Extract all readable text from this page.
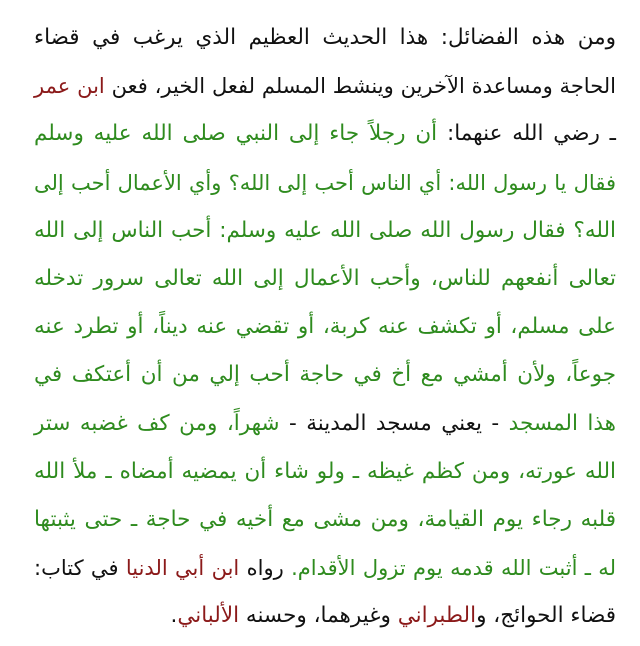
ومن هذه الفضائل: هذا الحديث العظيم الذي يرغب في قضاء
الحاجة ومساعدة الآخرين وينشط المسلم لفعل الخير، فعن ابن عمر
ـ رضي الله عنهما: أن رجلاً جاء إلى النبي صلى الله عليه وسلم
فقال يا رسول الله: أي الناس أحب إلى الله؟ وأي الأعمال أحب إلى
الله؟ فقال رسول الله صلى الله عليه وسلم: أحب الناس إلى الله
تعالى أنفعهم للناس، وأحب الأعمال إلى الله تعالى سرور تدخله
على مسلم، أو تكشف عنه كربة، أو تقضي عنه ديناً، أو تطرد عنه
جوعاً، ولأن أمشي مع أخ في حاجة أحب إلي من أن أعتكف في
هذا المسجد - يعني مسجد المدينة - شهراً، ومن كف غضبه ستر
الله عورته، ومن كظم غيظه ـ ولو شاء أن يمضيه أمضاه ـ ملأ الله
قلبه رجاء يوم القيامة، ومن مشى مع أخيه في حاجة ـ حتى يثبتها
له ـ أثبت الله قدمه يوم تزول الأقدام. رواه ابن أبي الدنيا في كتاب:
قضاء الحوائج، والطبراني وغيرهما، وحسنه الألباني.
